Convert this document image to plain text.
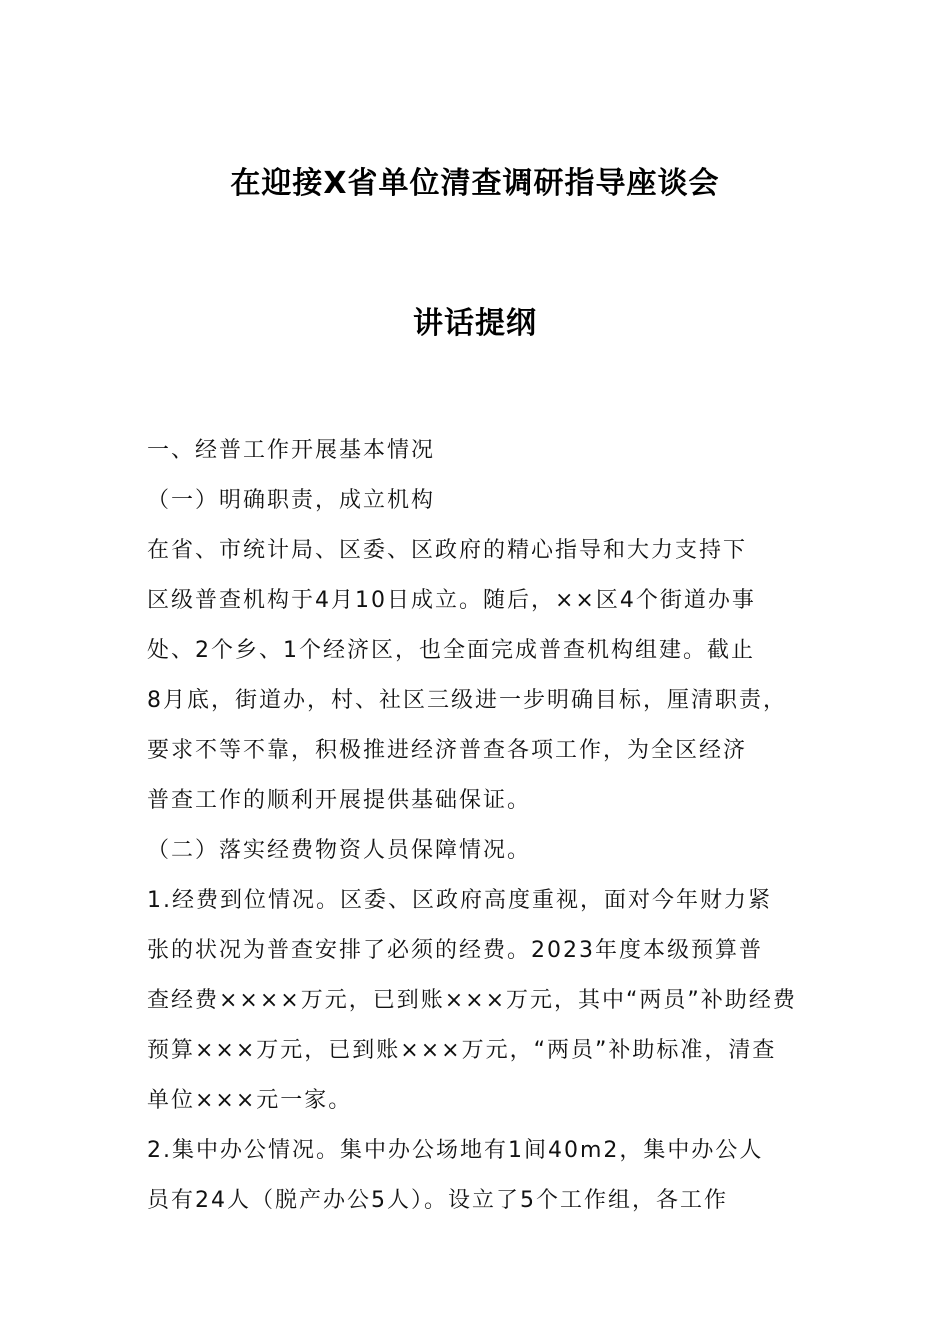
在迎接X省单位清查调研指导座谈会
讲话提纲

一、经普工作开展基本情况

（一）明确职责，成立机构

在省、市统计局、区委、区政府的精心指导和大力支持下

区级普查机构于4月10日成立。随后，××区4个街道办事

处、2个乡、1个经济区，也全面完成普查机构组建。截止

8月底，街道办，村、社区三级进一步明确目标，厘清职责，

要求不等不靠，积极推进经济普查各项工作，为全区经济

普查工作的顺利开展提供基础保证。

（二）落实经费物资人员保障情况。

1.经费到位情况。区委、区政府高度重视，面对今年财力紧

张的状况为普查安排了必须的经费。2023年度本级预算普

查经费××××万元，已到账×××万元，其中“两员”补助经费

预算×××万元，已到账×××万元，“两员”补助标准，清查

单位×××元一家。

2.集中办公情况。集中办公场地有1间40m2，集中办公人

员有24人（脱产办公5人）。设立了5个工作组，各工作
